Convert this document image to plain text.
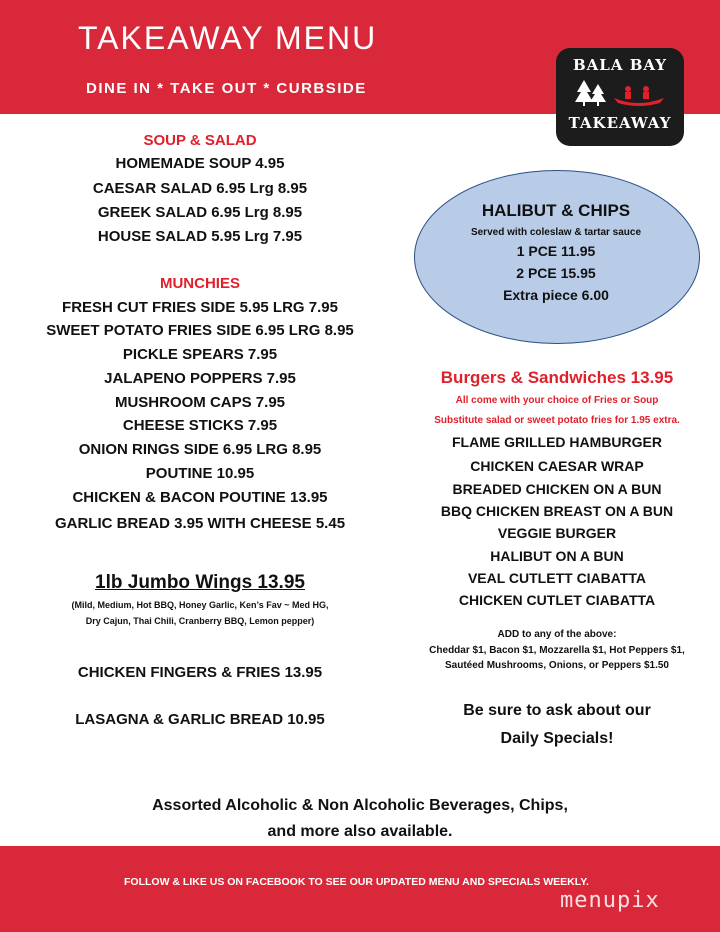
TAKEAWAY MENU
DINE IN * TAKE OUT * CURBSIDE
BALA BAY
TAKEAWAY
SOUP & SALAD
HOMEMADE SOUP 4.95
CAESAR SALAD 6.95 Lrg 8.95
GREEK SALAD 6.95 Lrg 8.95
HOUSE SALAD 5.95 Lrg 7.95
MUNCHIES
FRESH CUT FRIES SIDE 5.95 LRG 7.95
SWEET POTATO FRIES SIDE 6.95 LRG 8.95
PICKLE SPEARS 7.95
JALAPENO POPPERS 7.95
MUSHROOM CAPS 7.95
CHEESE STICKS 7.95
ONION RINGS SIDE 6.95 LRG 8.95
POUTINE 10.95
CHICKEN & BACON POUTINE 13.95
GARLIC BREAD 3.95 WITH CHEESE 5.45
1lb Jumbo Wings 13.95
(Mild, Medium, Hot BBQ, Honey Garlic, Ken’s Fav ~ Med HG,
Dry Cajun, Thai Chili, Cranberry BBQ, Lemon pepper)
CHICKEN FINGERS & FRIES 13.95
LASAGNA & GARLIC BREAD 10.95
HALIBUT & CHIPS
Served with coleslaw & tartar sauce
1 PCE 11.95
2 PCE 15.95
Extra piece 6.00
Burgers & Sandwiches 13.95
All come with your choice of Fries or Soup
Substitute salad or sweet potato fries for 1.95 extra.
FLAME GRILLED HAMBURGER
CHICKEN CAESAR WRAP
BREADED CHICKEN ON A BUN
BBQ CHICKEN BREAST ON A BUN
VEGGIE BURGER
HALIBUT ON A BUN
VEAL CUTLETT CIABATTA
CHICKEN CUTLET CIABATTA
ADD to any of the above:
Cheddar $1, Bacon $1, Mozzarella $1, Hot Peppers $1,
Sautéed Mushrooms, Onions, or Peppers $1.50
Be sure to ask about our
Daily Specials!
Assorted Alcoholic & Non Alcoholic Beverages, Chips,
and more also available.
FOLLOW & LIKE US ON FACEBOOK TO SEE OUR UPDATED MENU AND SPECIALS WEEKLY.
menupix
